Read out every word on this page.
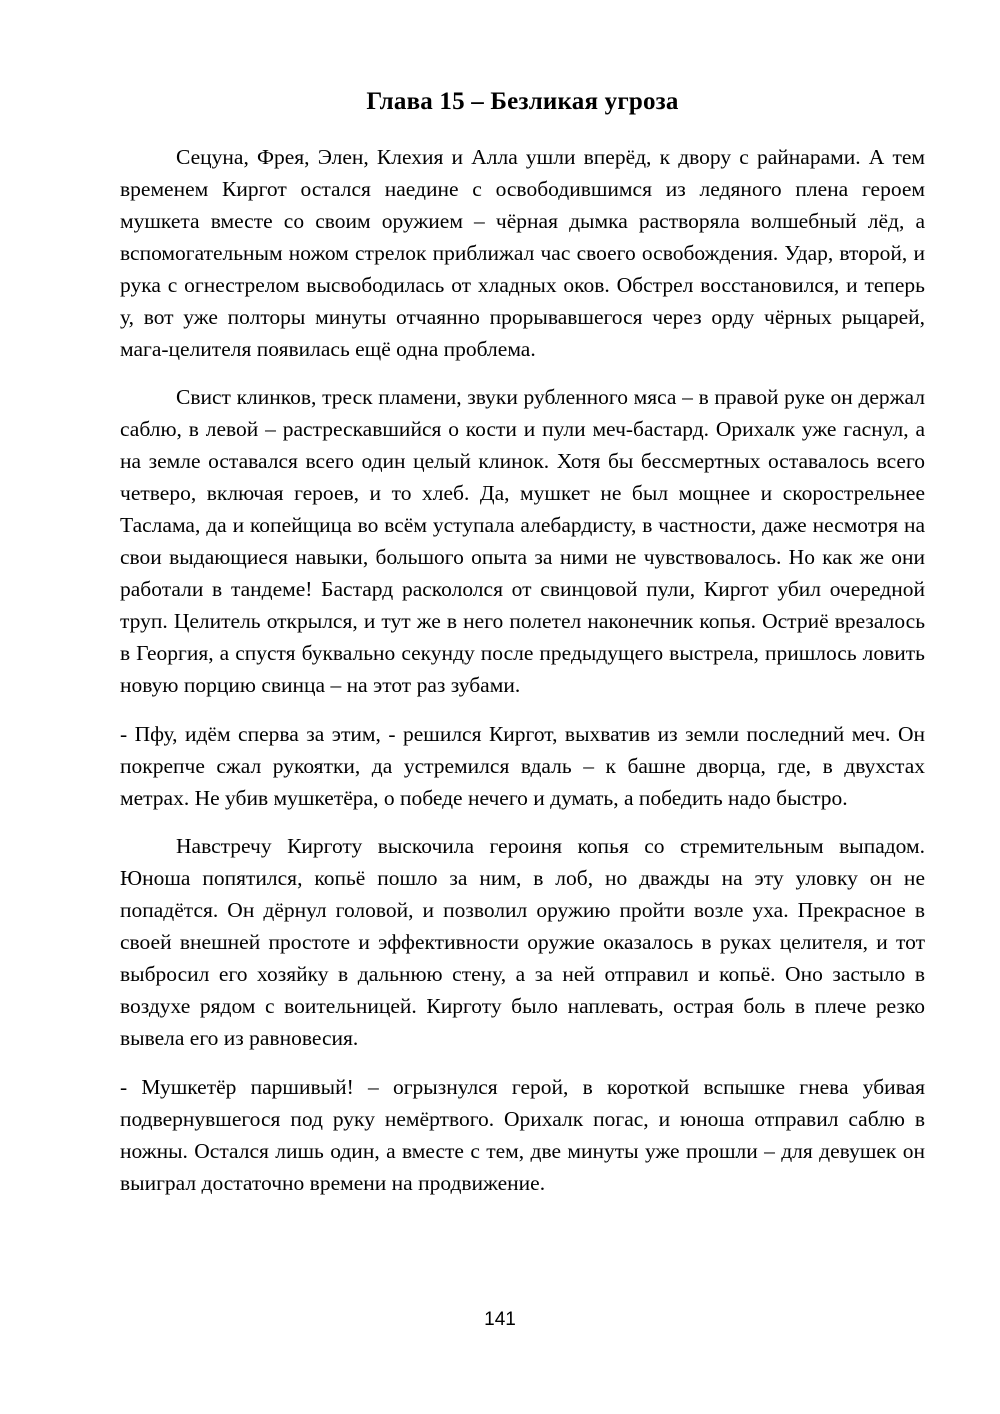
Глава 15 – Безликая угроза

Сецуна, Фрея, Элен, Клехия и Алла ушли вперёд, к двору с райнарами. А тем временем Киргот остался наедине с освободившимся из ледяного плена героем мушкета вместе со своим оружием – чёрная дымка растворяла волшебный лёд, а вспомогательным ножом стрелок приближал час своего освобождения. Удар, второй, и рука с огнестрелом высвободилась от хладных оков. Обстрел восстановился, и теперь у, вот уже полторы минуты отчаянно прорывавшегося через орду чёрных рыцарей, мага-целителя появилась ещё одна проблема.

Свист клинков, треск пламени, звуки рубленного мяса – в правой руке он держал саблю, в левой – растрескавшийся о кости и пули меч-бастард. Орихалк уже гаснул, а на земле оставался всего один целый клинок. Хотя бы бессмертных оставалось всего четверо, включая героев, и то хлеб. Да, мушкет не был мощнее и скорострельнее Таслама, да и копейщица во всём уступала алебардисту, в частности, даже несмотря на свои выдающиеся навыки, большого опыта за ними не чувствовалось. Но как же они работали в тандеме! Бастард раскололся от свинцовой пули, Киргот убил очередной труп. Целитель открылся, и тут же в него полетел наконечник копья. Остриё врезалось в Георгия, а спустя буквально секунду после предыдущего выстрела, пришлось ловить новую порцию свинца – на этот раз зубами.

- Пфу, идём сперва за этим, - решился Киргот, выхватив из земли последний меч. Он покрепче сжал рукоятки, да устремился вдаль – к башне дворца, где, в двухстах метрах. Не убив мушкетёра, о победе нечего и думать, а победить надо быстро.

Навстречу Кирготу выскочила героиня копья со стремительным выпадом. Юноша попятился, копьё пошло за ним, в лоб, но дважды на эту уловку он не попадётся. Он дёрнул головой, и позволил оружию пройти возле уха. Прекрасное в своей внешней простоте и эффективности оружие оказалось в руках целителя, и тот выбросил его хозяйку в дальнюю стену, а за ней отправил и копьё. Оно застыло в воздухе рядом с воительницей. Кирготу было наплевать, острая боль в плече резко вывела его из равновесия.

- Мушкетёр паршивый! – огрызнулся герой, в короткой вспышке гнева убивая подвернувшегося под руку немёртвого. Орихалк погас, и юноша отправил саблю в ножны. Остался лишь один, а вместе с тем, две минуты уже прошли – для девушек он выиграл достаточно времени на продвижение.

141
